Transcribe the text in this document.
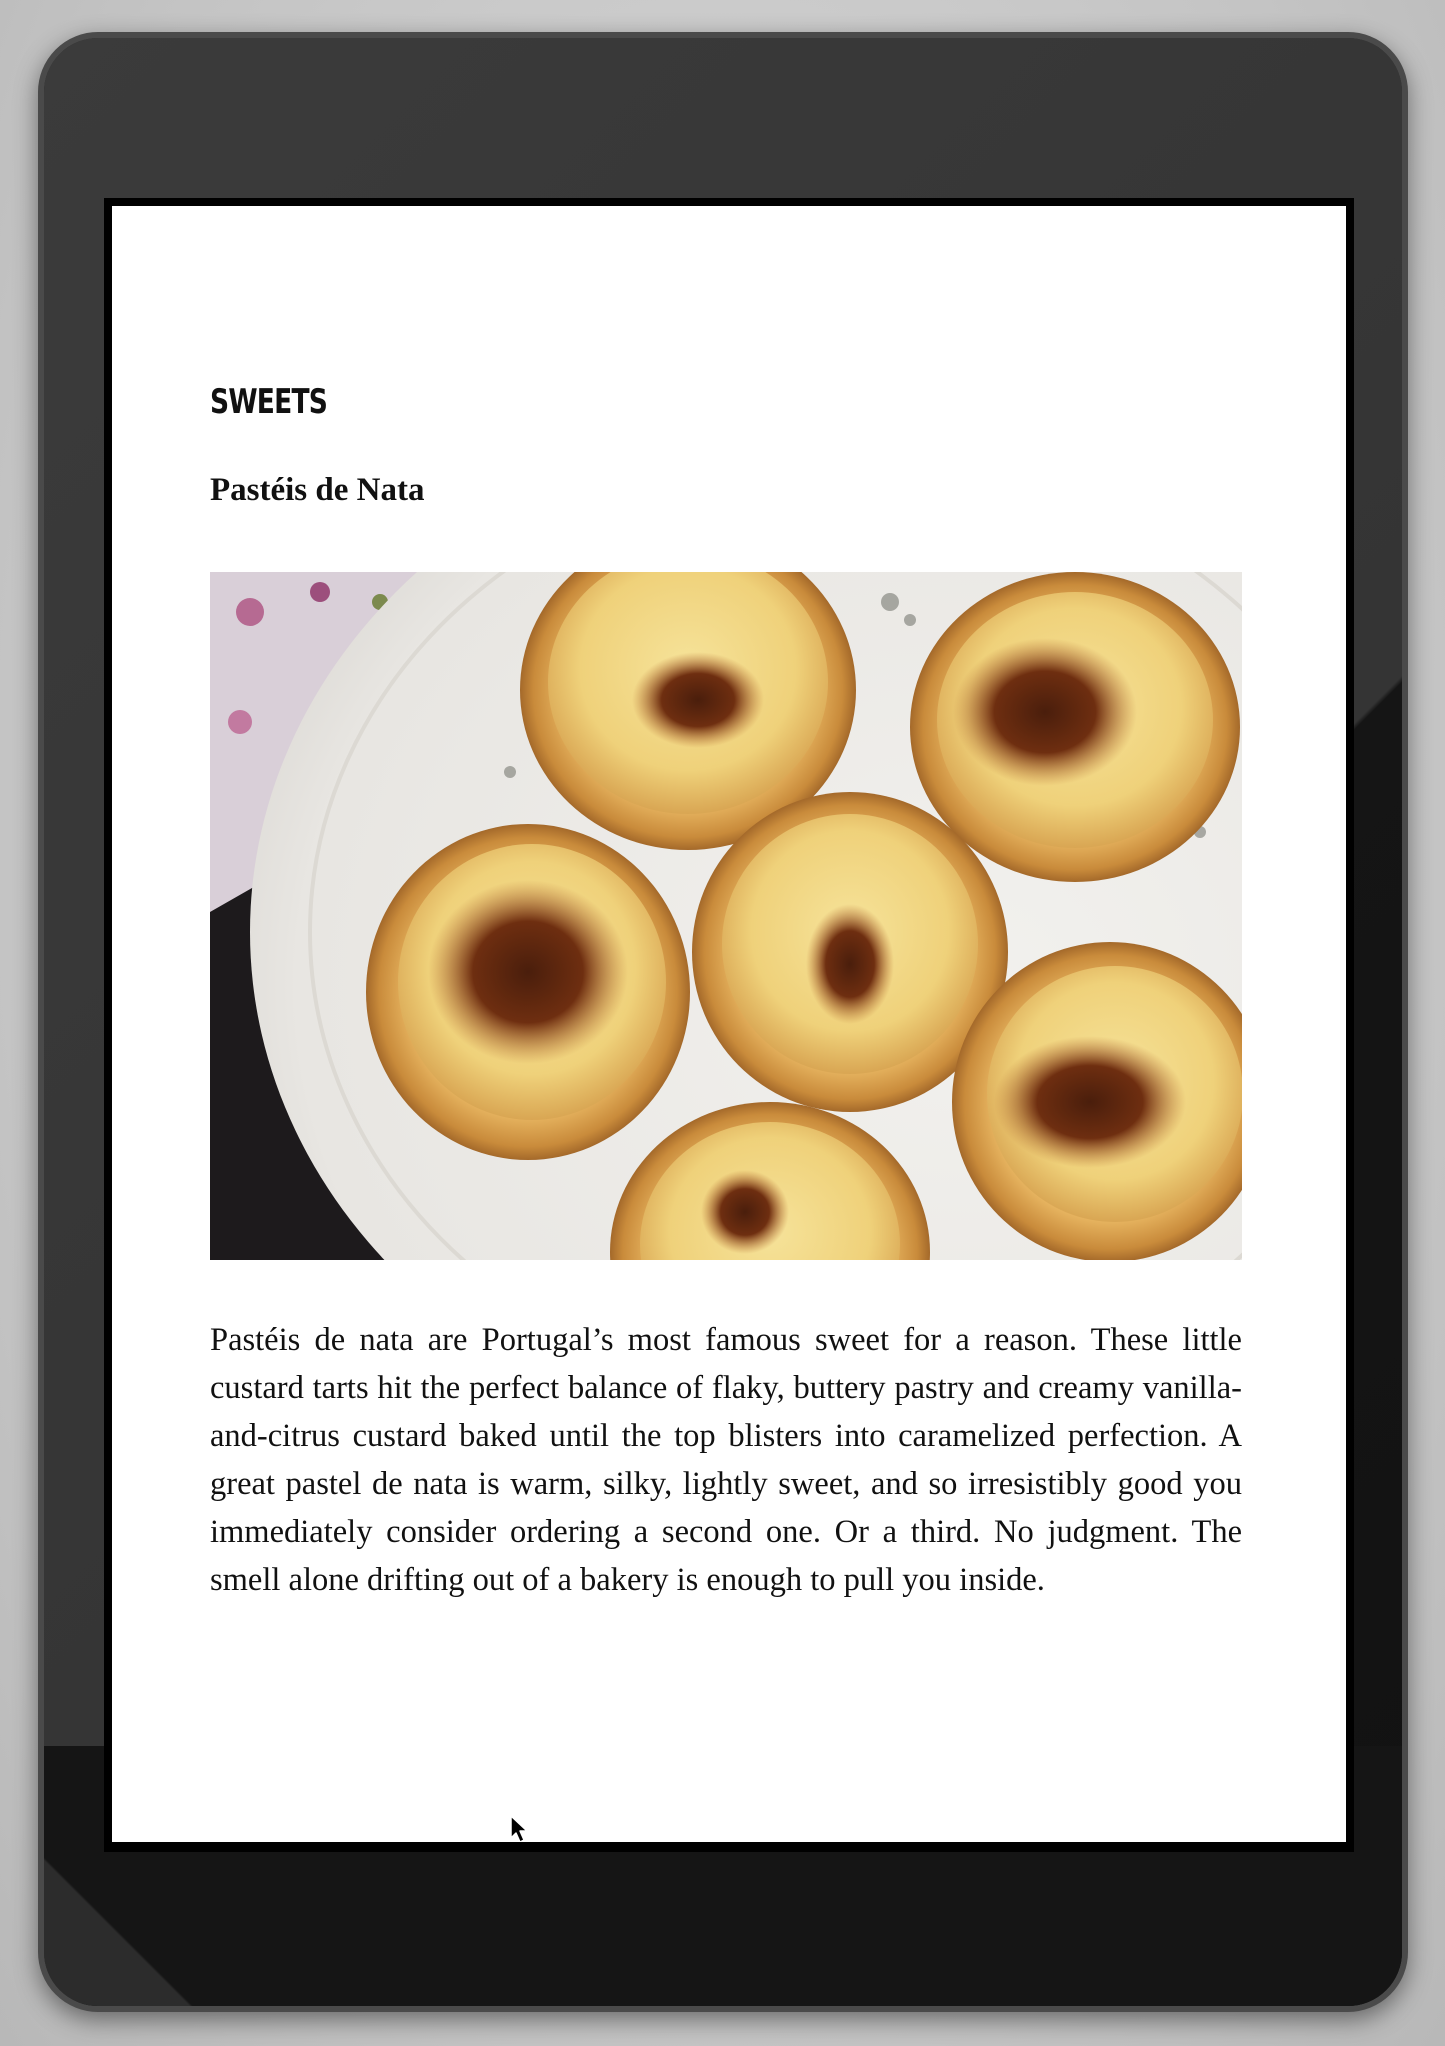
SWEETS
Pastéis de Nata

Pastéis de nata are Portugal’s most famous sweet for a reason. These little custard tarts hit the perfect balance of flaky, buttery pastry and creamy vanilla-and-citrus custard baked until the top blisters into caramelized perfection. A great pastel de nata is warm, silky, lightly sweet, and so irresistibly good you immediately consider ordering a second one. Or a third. No judgment. The smell alone drifting out of a bakery is enough to pull you inside.
